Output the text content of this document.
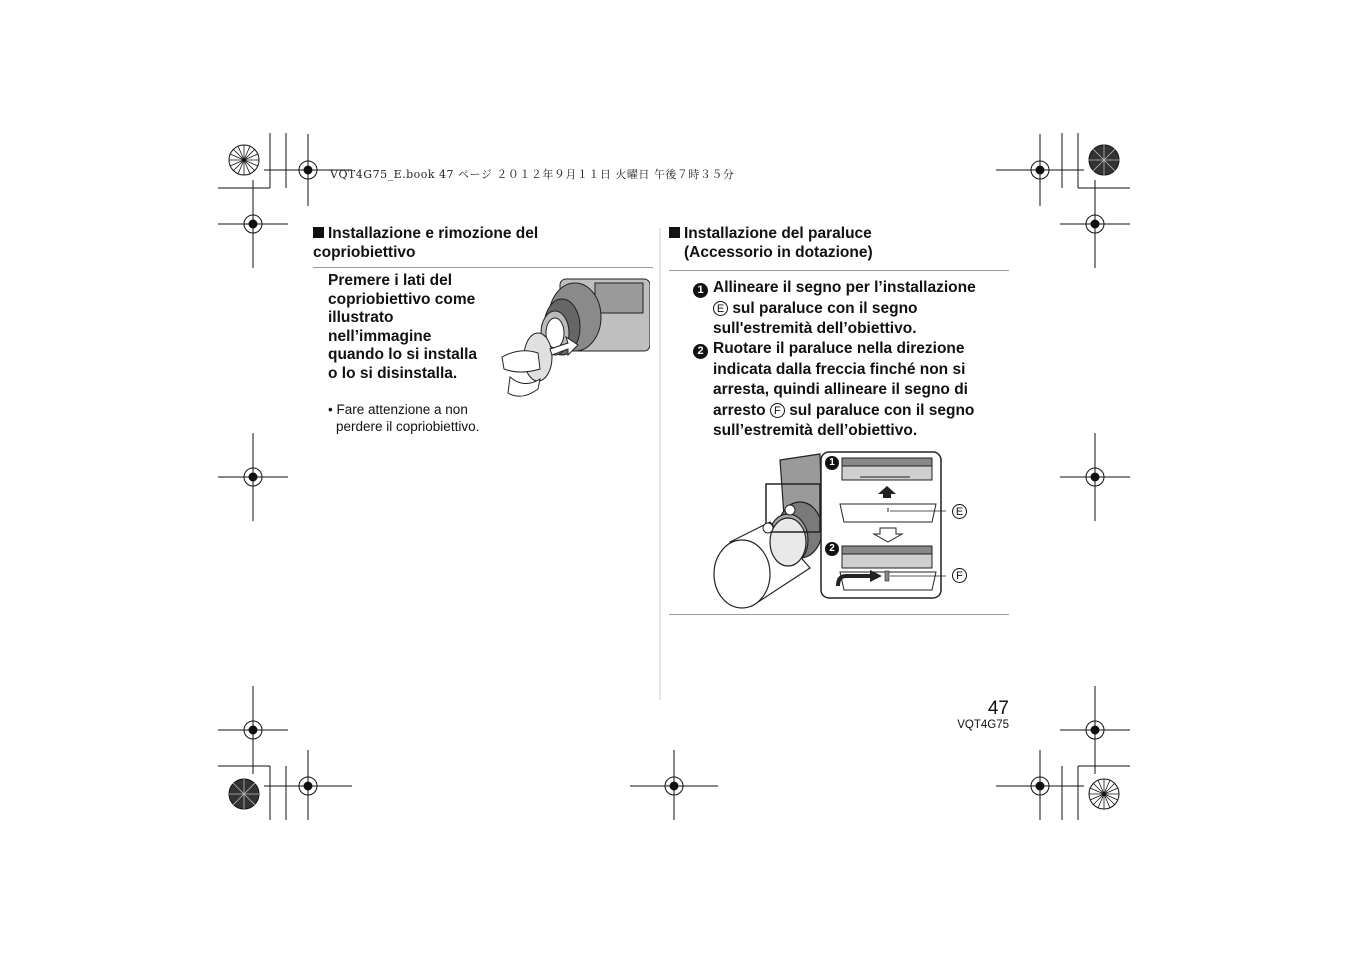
VQT4G75_E.book 47 ページ ２０１２年９月１１日 火曜日 午後７時３５分
Installazione e rimozione del copriobiettivo
Premere i lati del copriobiettivo come illustrato nell’immagine quando lo si installa o lo si disinstalla.
• Fare attenzione a non perdere il copriobiettivo.
Installazione del paraluce
(Accessorio in dotazione)
1 Allineare il segno per l’installazione
E sul paraluce con il segno sull'estremità dell’obiettivo.
2 Ruotare il paraluce nella direzione indicata dalla freccia finché non si arresta, quindi allineare il segno di arresto F sul paraluce con il segno sull’estremità dell’obiettivo.
1
2
E
F
47
VQT4G75
